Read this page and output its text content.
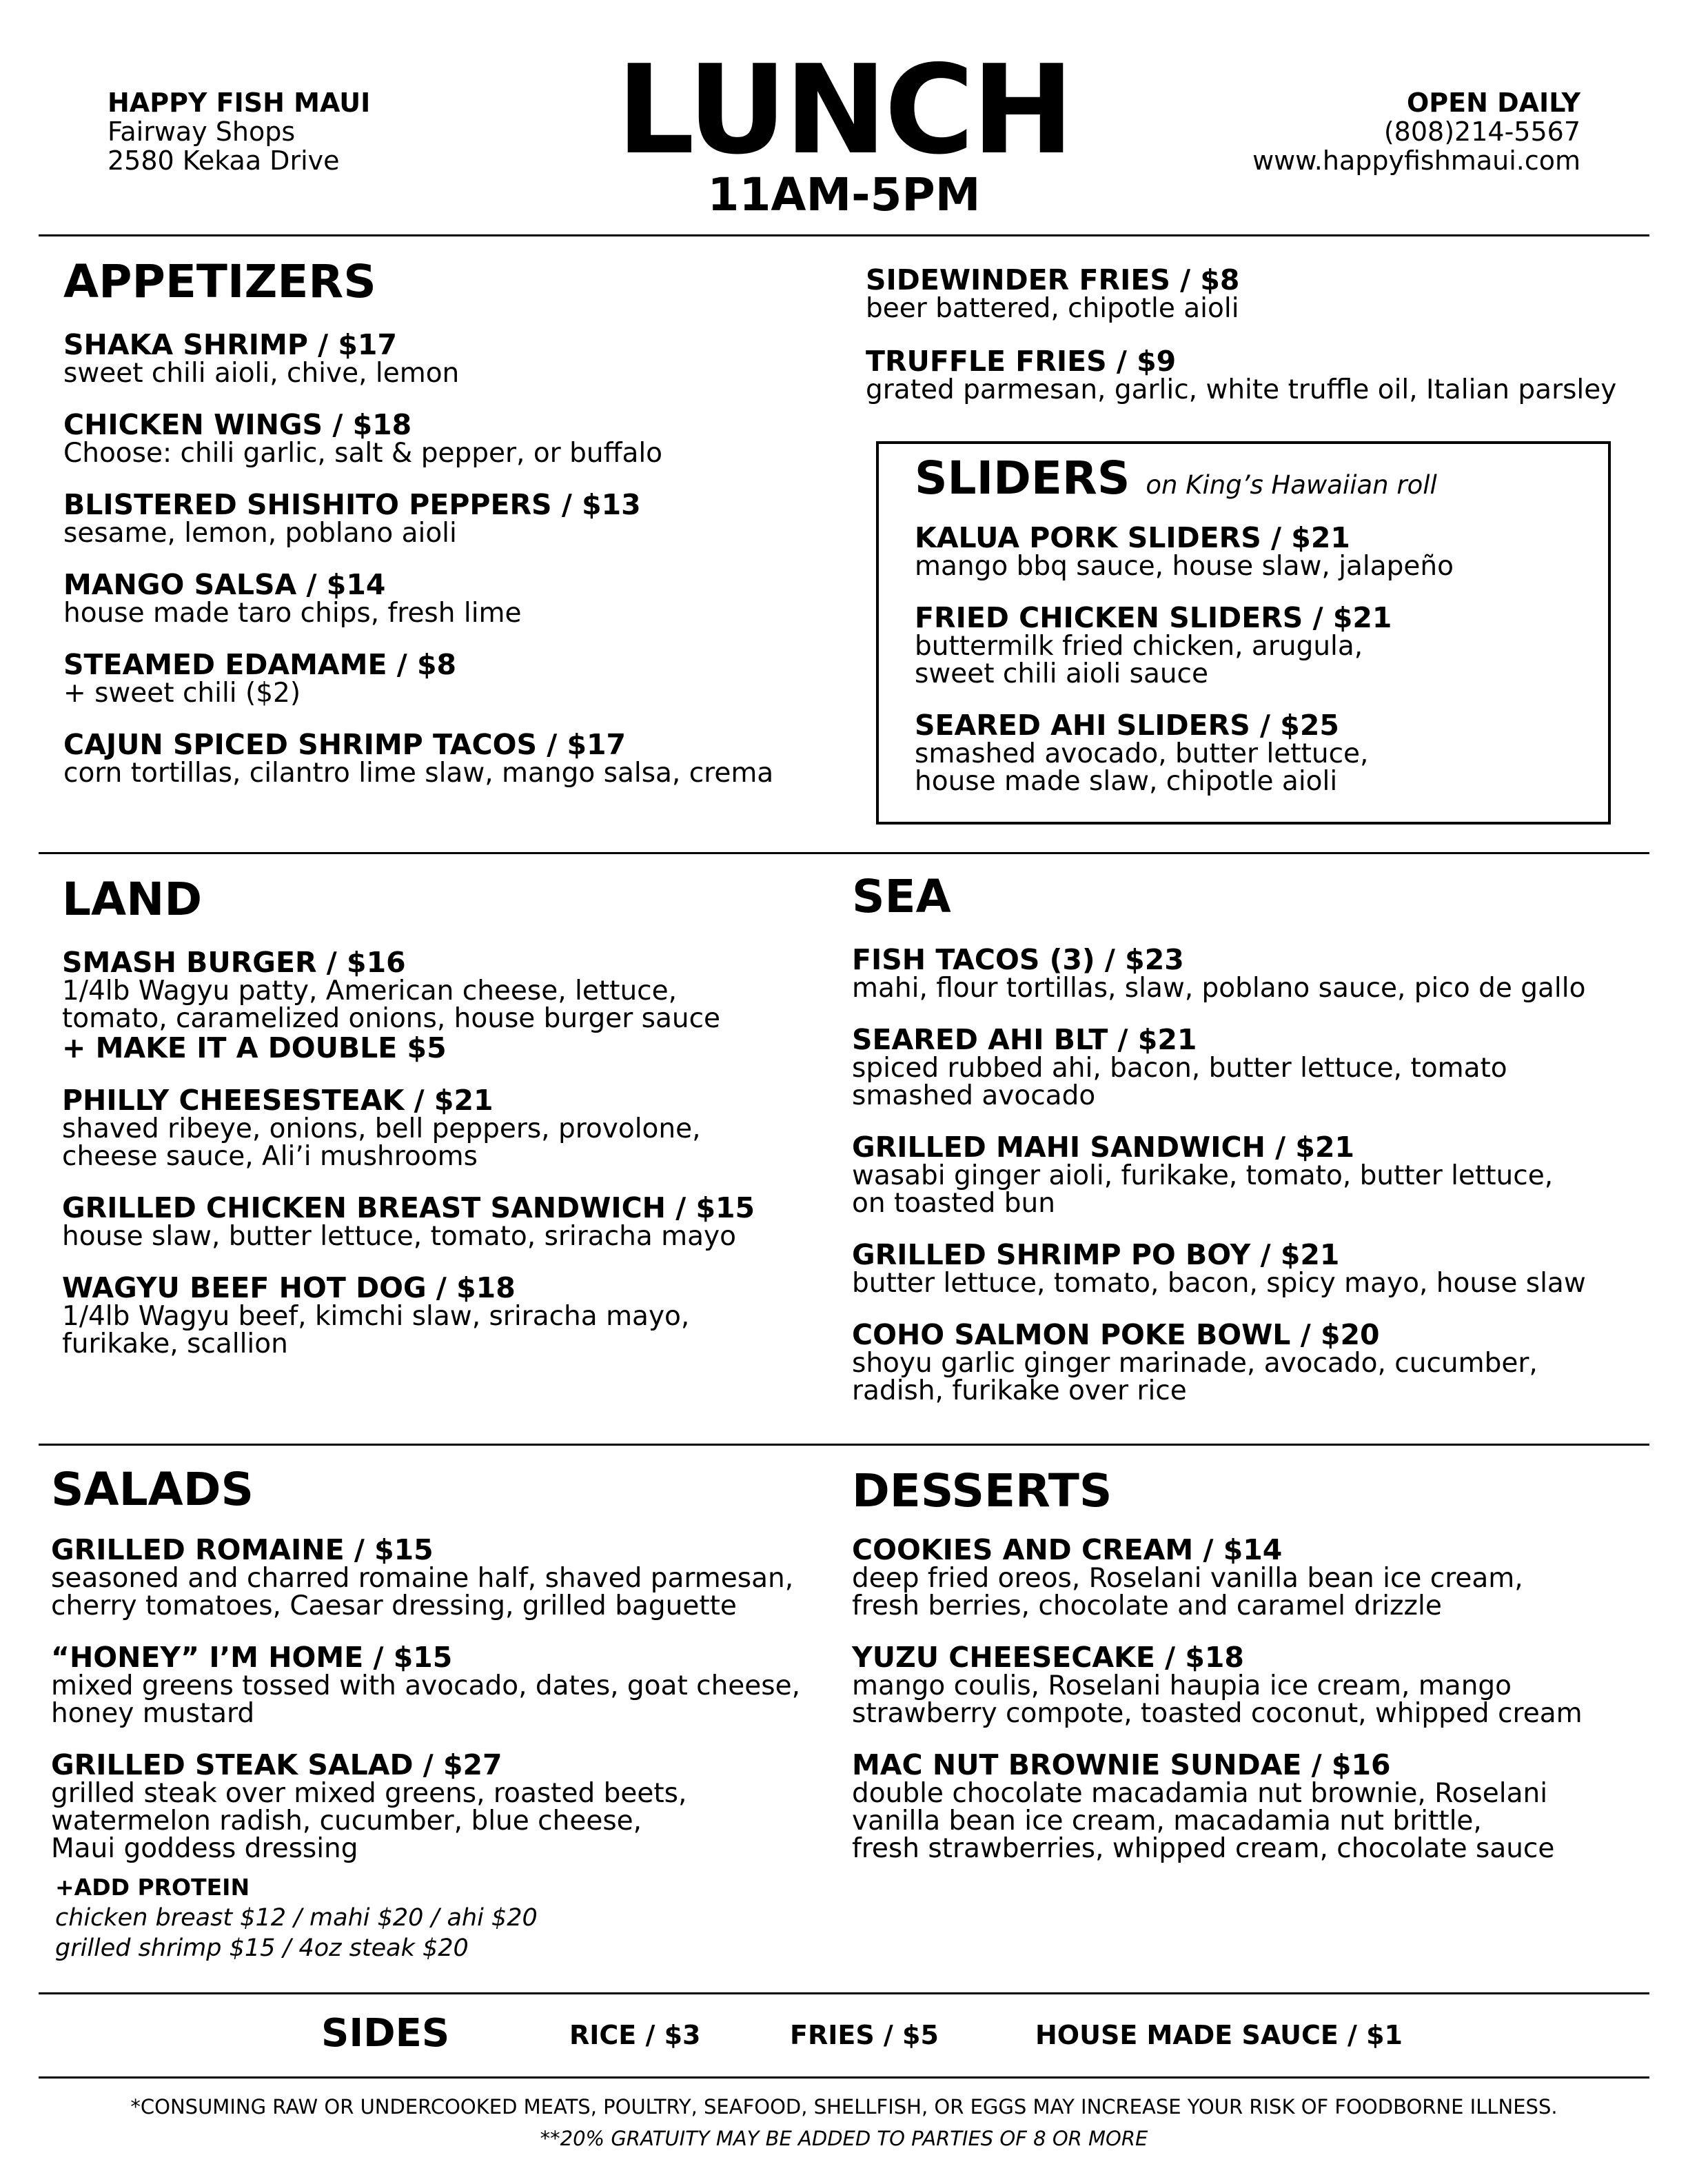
HAPPY FISH MAUI
Fairway Shops
2580 Kekaa Drive	LUNCH
11AM-5PM
OPEN DAILY
(808)214-5567
www.happyfishmaui.com
APPETIZERS
SHAKA SHRIMP / $17
sweet chili aioli, chive, lemon
CHICKEN WINGS / $18
Choose: chili garlic, salt & pepper, or buffalo
BLISTERED SHISHITO PEPPERS / $13
sesame, lemon, poblano aioli
MANGO SALSA / $14
house made taro chips, fresh lime
STEAMED EDAMAME / $8
+ sweet chili ($2)
CAJUN SPICED SHRIMP TACOS / $17
corn tortillas, cilantro lime slaw, mango salsa, crema
SIDEWINDER FRIES / $8
beer battered, chipotle aioli
TRUFFLE FRIES / $9
grated parmesan, garlic, white truffle oil, Italian parsley
SLIDERS on King’s Hawaiian roll
KALUA PORK SLIDERS / $21
mango bbq sauce, house slaw, jalapeño
FRIED CHICKEN SLIDERS / $21
buttermilk fried chicken, arugula,
sweet chili aioli sauce
SEARED AHI SLIDERS / $25
smashed avocado, butter lettuce,
house made slaw, chipotle aioli
LAND
SMASH BURGER / $16
1/4lb Wagyu patty, American cheese, lettuce,
tomato, caramelized onions, house burger sauce
+ MAKE IT A DOUBLE $5
PHILLY CHEESESTEAK / $21
shaved ribeye, onions, bell peppers, provolone,
cheese sauce, Ali’i mushrooms
GRILLED CHICKEN BREAST SANDWICH / $15
house slaw, butter lettuce, tomato, sriracha mayo
WAGYU BEEF HOT DOG / $18
1/4lb Wagyu beef, kimchi slaw, sriracha mayo,
furikake, scallion
SEA
FISH TACOS (3) / $23
mahi, flour tortillas, slaw, poblano sauce, pico de gallo
SEARED AHI BLT / $21
spiced rubbed ahi, bacon, butter lettuce, tomato
smashed avocado
GRILLED MAHI SANDWICH / $21
wasabi ginger aioli, furikake, tomato, butter lettuce,
on toasted bun
GRILLED SHRIMP PO BOY / $21
butter lettuce, tomato, bacon, spicy mayo, house slaw
COHO SALMON POKE BOWL / $20
shoyu garlic ginger marinade, avocado, cucumber,
radish, furikake over rice
SALADS
GRILLED ROMAINE / $15
seasoned and charred romaine half, shaved parmesan,
cherry tomatoes, Caesar dressing, grilled baguette
“HONEY” I’M HOME / $15
mixed greens tossed with avocado, dates, goat cheese,
honey mustard
GRILLED STEAK SALAD / $27
grilled steak over mixed greens, roasted beets,
watermelon radish, cucumber, blue cheese,
Maui goddess dressing
+ADD PROTEIN
chicken breast $12 / mahi $20 / ahi $20
grilled shrimp $15 / 4oz steak $20
DESSERTS
COOKIES AND CREAM / $14
deep fried oreos, Roselani vanilla bean ice cream,
fresh berries, chocolate and caramel drizzle
YUZU CHEESECAKE / $18
mango coulis, Roselani haupia ice cream, mango
strawberry compote, toasted coconut, whipped cream
MAC NUT BROWNIE SUNDAE / $16
double chocolate macadamia nut brownie, Roselani
vanilla bean ice cream, macadamia nut brittle,
fresh strawberries, whipped cream, chocolate sauce
SIDES	RICE / $3	FRIES / $5	HOUSE MADE SAUCE / $1
*CONSUMING RAW OR UNDERCOOKED MEATS, POULTRY, SEAFOOD, SHELLFISH, OR EGGS MAY INCREASE YOUR RISK OF FOODBORNE ILLNESS.
**20% GRATUITY MAY BE ADDED TO PARTIES OF 8 OR MORE
